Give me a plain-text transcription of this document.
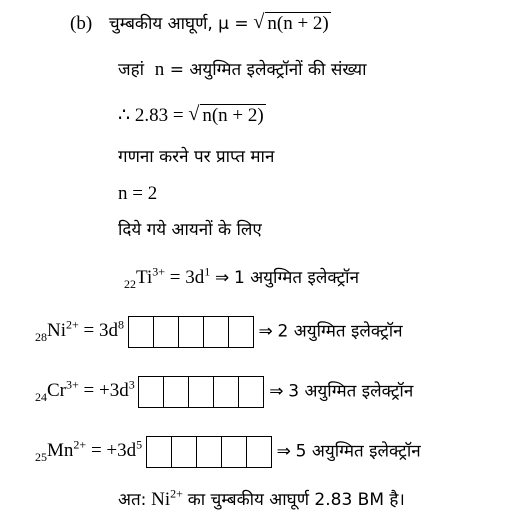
(b) चुम्बकीय आघूर्ण, μ = √ n(n + 2)
जहां n = अयुग्मित इलेक्ट्रॉनों की संख्या
∴ 2.83 = √ n(n + 2)
गणना करने पर प्राप्त मान
n = 2
दिये गये आयनों के लिए
$_{22}Ti^{3+} = 3d^1$ ⇒ 1 अयुग्मित इलेक्ट्रॉन
$_{28}Ni^{2+} = 3d^8$	⇒ 2 अयुग्मित इलेक्ट्रॉन
$_{24}Cr^{3+} = +3d^3$	⇒ 3 अयुग्मित इलेक्ट्रॉन
$_{25}Mn^{2+} = +3d^5$	⇒ 5 अयुग्मित इलेक्ट्रॉन
अत: $Ni^{2+}$ का चुम्बकीय आघूर्ण 2.83 BM है।
